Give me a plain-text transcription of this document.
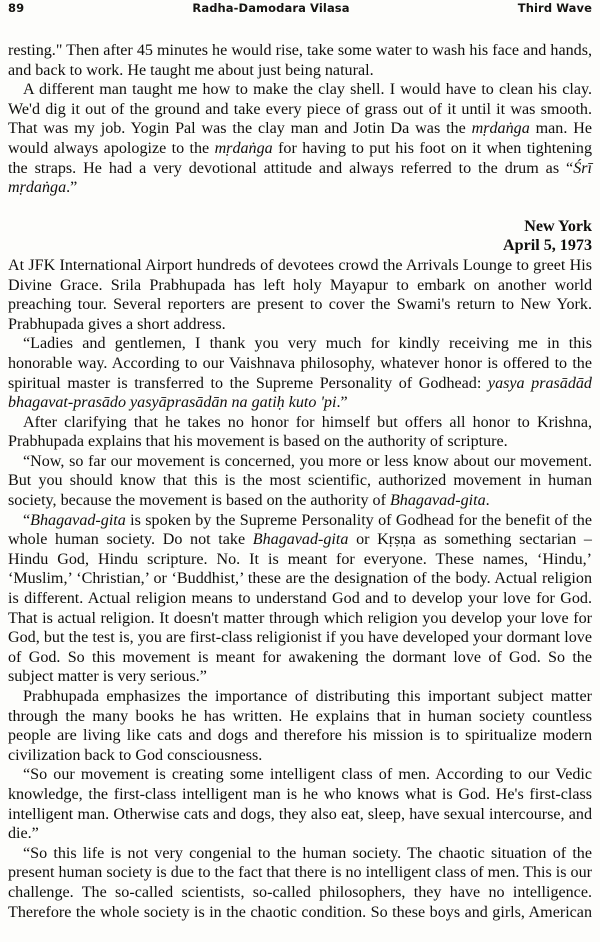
89	Radha-Damodara Vilasa	Third Wave

resting." Then after 45 minutes he would rise, take some water to wash his face and hands, and back to work. He taught me about just being natural.

A different man taught me how to make the clay shell. I would have to clean his clay. We'd dig it out of the ground and take every piece of grass out of it until it was smooth. That was my job. Yogin Pal was the clay man and Jotin Da was the mṛdaṅga man. He would always apologize to the mṛdaṅga for having to put his foot on it when tightening the straps. He had a very devotional attitude and always referred to the drum as “Śrī mṛdaṅga.”

New York
April 5, 1973

At JFK International Airport hundreds of devotees crowd the Arrivals Lounge to greet His Divine Grace. Srila Prabhupada has left holy Mayapur to embark on another world preaching tour. Several reporters are present to cover the Swami's return to New York. Prabhupada gives a short address.

“Ladies and gentlemen, I thank you very much for kindly receiving me in this honorable way. According to our Vaishnava philosophy, whatever honor is offered to the spiritual master is transferred to the Supreme Personality of Godhead: yasya prasādād bhagavat-prasādo yasyāprasādān na gatiḥ kuto 'pi.”

After clarifying that he takes no honor for himself but offers all honor to Krishna, Prabhupada explains that his movement is based on the authority of scripture.

“Now, so far our movement is concerned, you more or less know about our movement. But you should know that this is the most scientific, authorized movement in human society, because the movement is based on the authority of Bhagavad-gita.

“Bhagavad-gita is spoken by the Supreme Personality of Godhead for the benefit of the whole human society. Do not take Bhagavad-gita or Kṛṣṇa as something sectarian – Hindu God, Hindu scripture. No. It is meant for everyone. These names, ‘Hindu,’ ‘Muslim,’ ‘Christian,’ or ‘Buddhist,’ these are the designation of the body. Actual religion is different. Actual religion means to understand God and to develop your love for God. That is actual religion. It doesn't matter through which religion you develop your love for God, but the test is, you are first-class religionist if you have developed your dormant love of God. So this movement is meant for awakening the dormant love of God. So the subject matter is very serious.”

Prabhupada emphasizes the importance of distributing this important subject matter through the many books he has written. He explains that in human society countless people are living like cats and dogs and therefore his mission is to spiritualize modern civilization back to God consciousness.

“So our movement is creating some intelligent class of men. According to our Vedic knowledge, the first-class intelligent man is he who knows what is God. He's first-class intelligent man. Otherwise cats and dogs, they also eat, sleep, have sexual intercourse, and die.”

“So this life is not very congenial to the human society. The chaotic situation of the present human society is due to the fact that there is no intelligent class of men. This is our challenge. The so-called scientists, so-called philosophers, they have no intelligence. Therefore the whole society is in the chaotic condition. So these boys and girls, American
